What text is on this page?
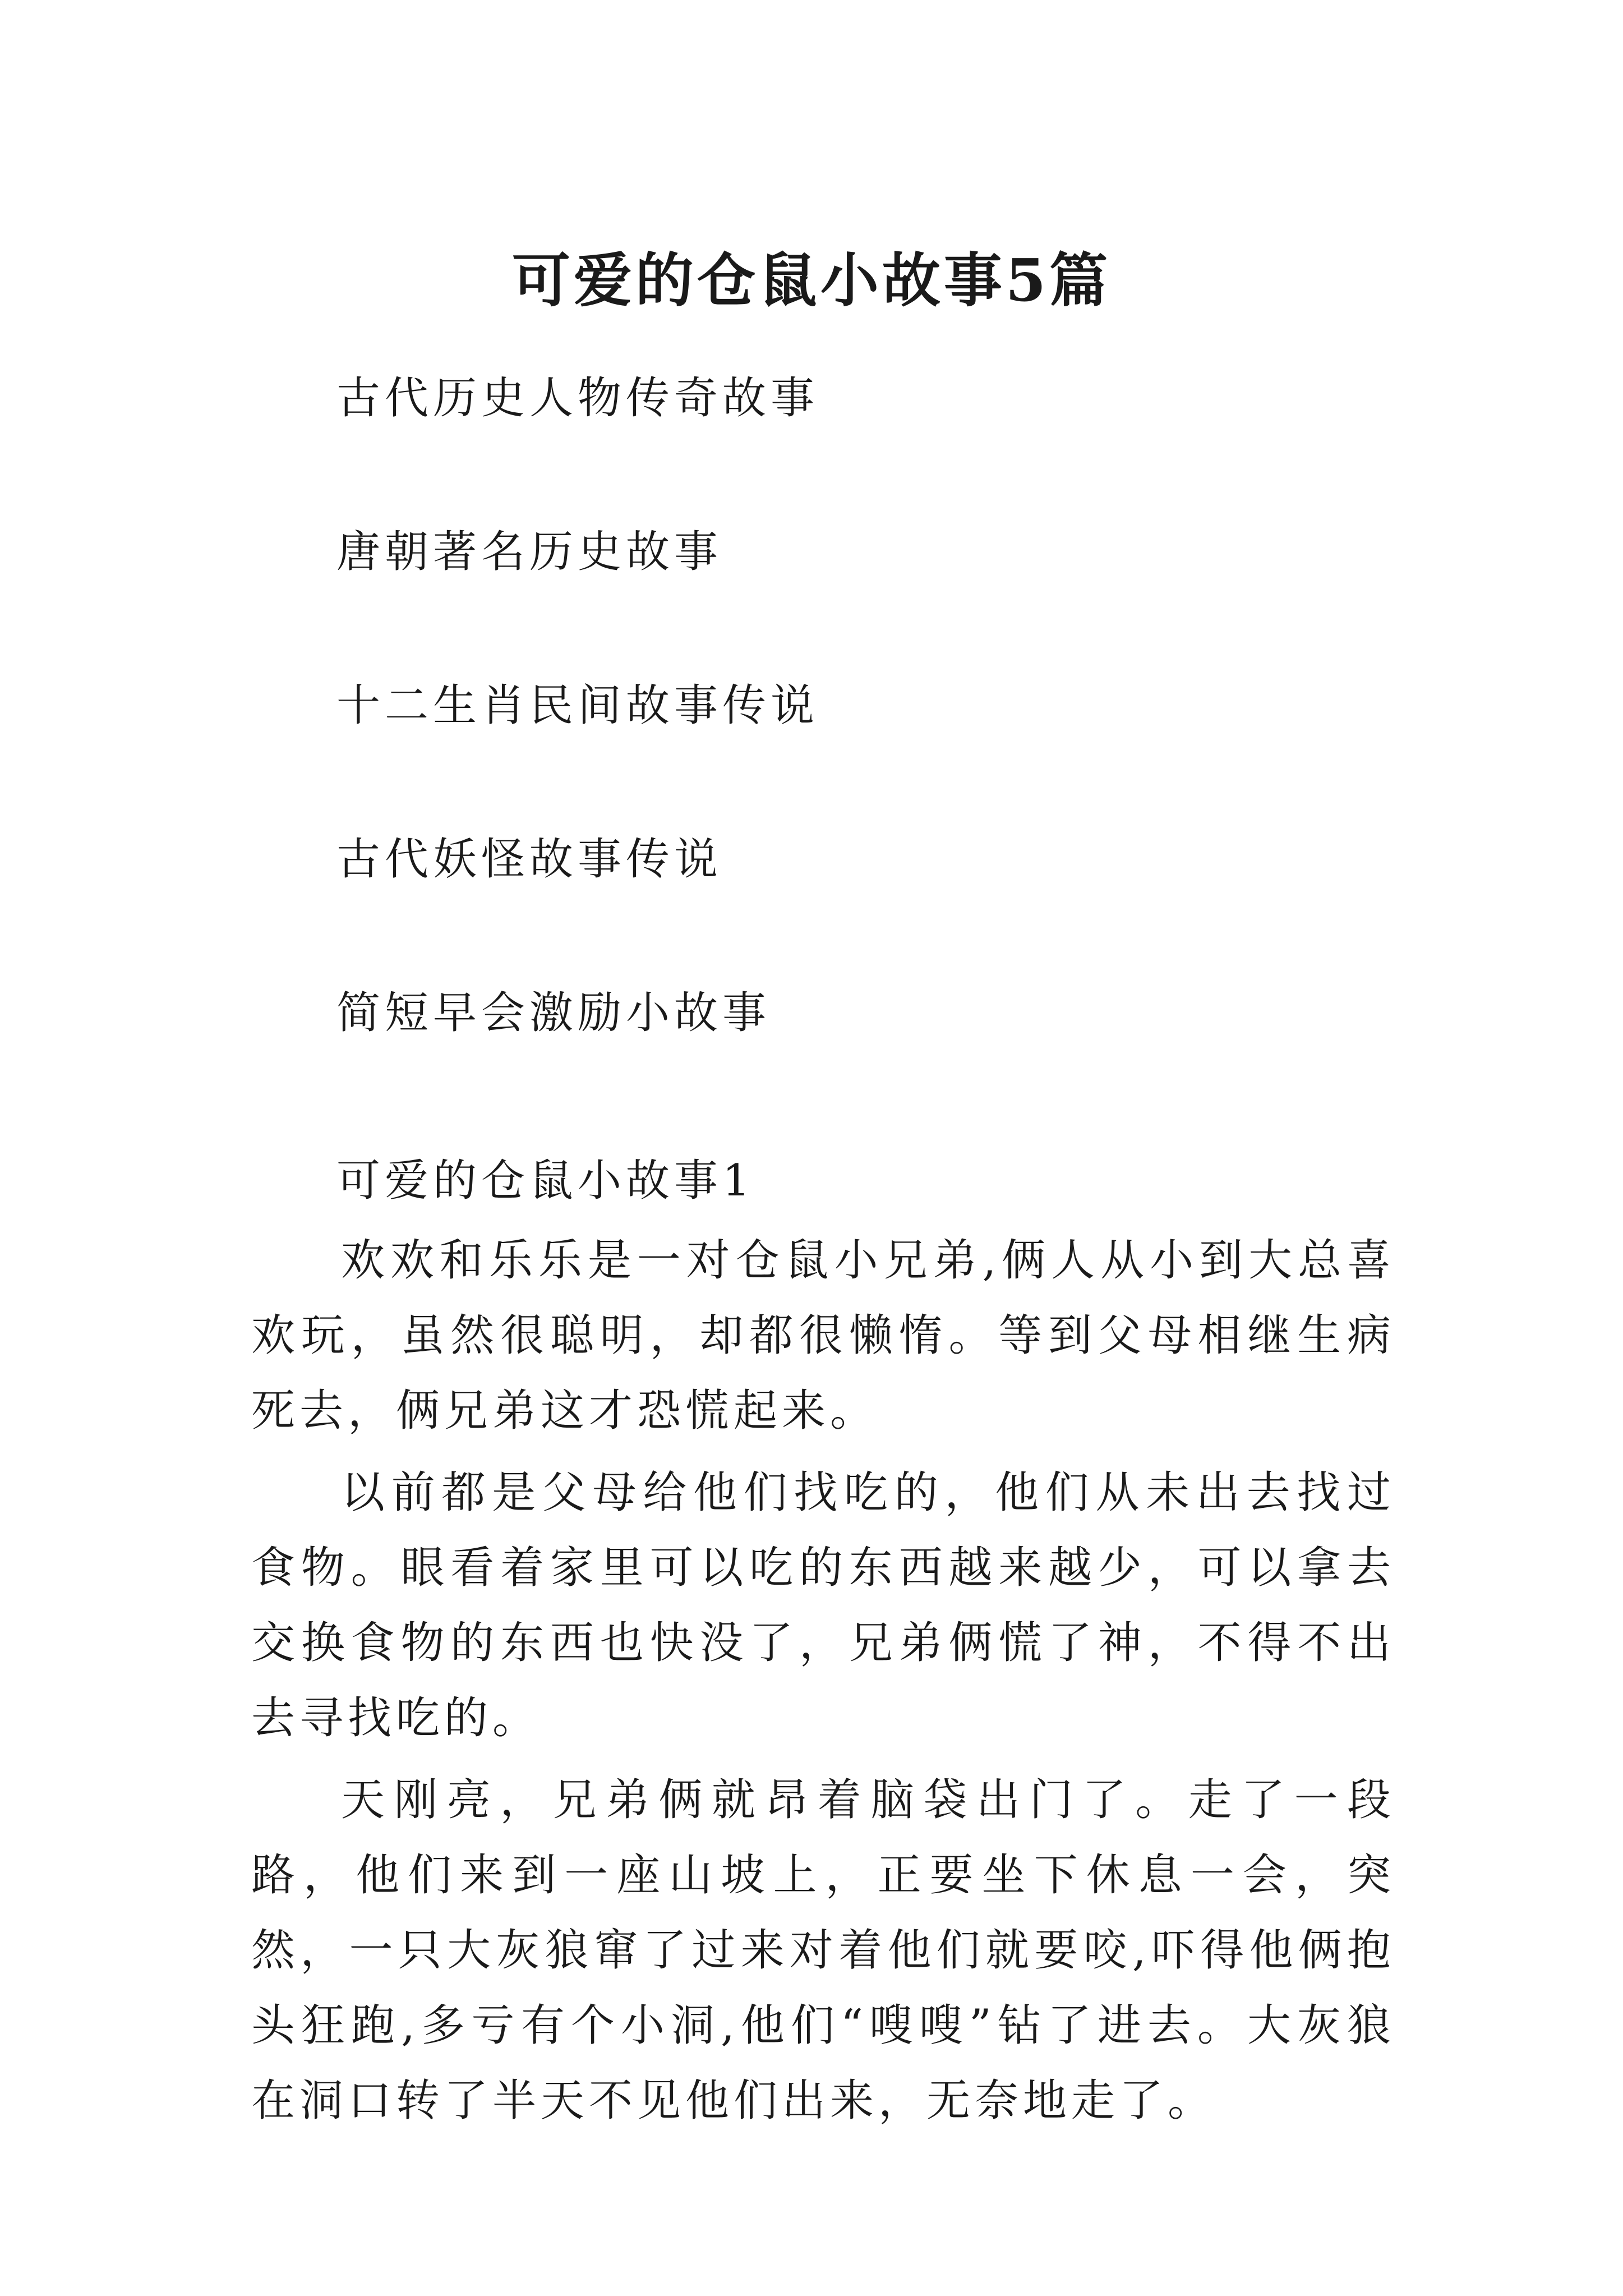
可爱的仓鼠小故事5篇
古代历史人物传奇故事
唐朝著名历史故事
十二生肖民间故事传说
古代妖怪故事传说
简短早会激励小故事
可爱的仓鼠小故事1

欢欢和乐乐是一对仓鼠小兄弟,俩人从小到大总喜欢玩，虽然很聪明，却都很懒惰。等到父母相继生病死去，俩兄弟这才恐慌起来。

以前都是父母给他们找吃的，他们从未出去找过食物。眼看着家里可以吃的东西越来越少，可以拿去交换食物的东西也快没了，兄弟俩慌了神，不得不出去寻找吃的。

天刚亮，兄弟俩就昂着脑袋出门了。走了一段路，他们来到一座山坡上，正要坐下休息一会，突然，一只大灰狼窜了过来对着他们就要咬,吓得他俩抱头狂跑,多亏有个小洞,他们“嗖嗖”钻了进去。大灰狼在洞口转了半天不见他们出来，无奈地走了。
